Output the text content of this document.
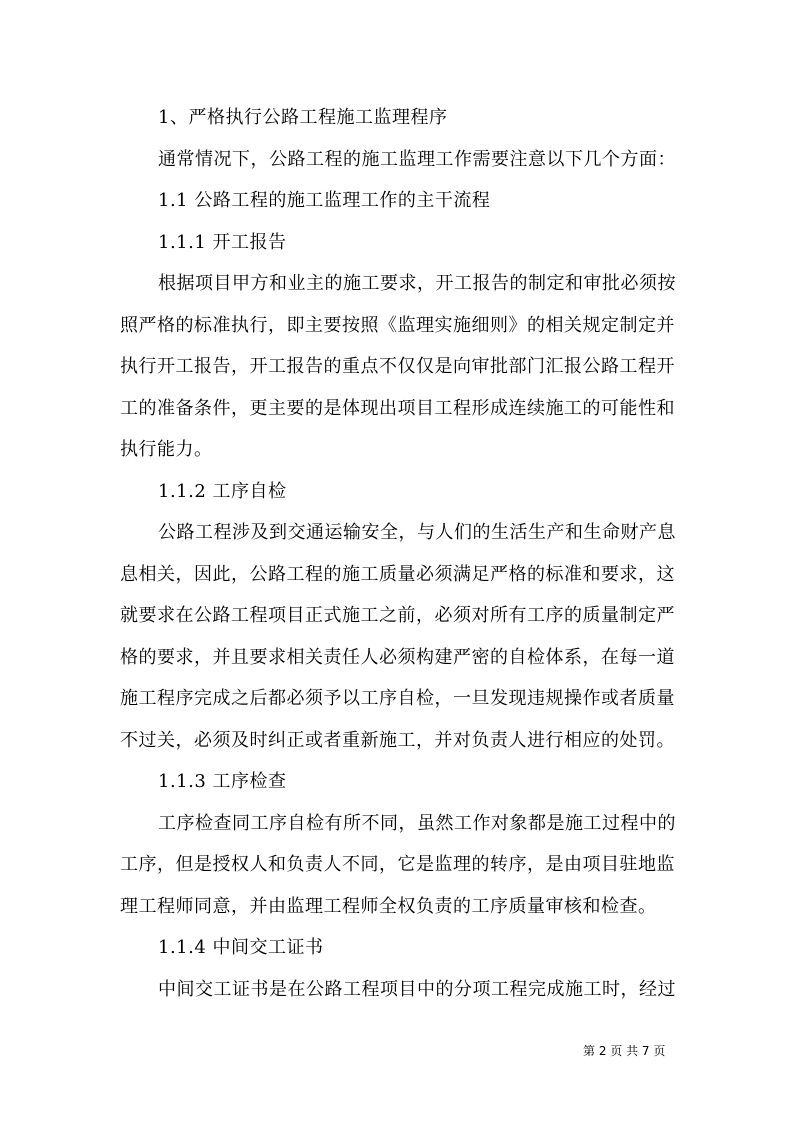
1、严格执行公路工程施工监理程序
通常情况下，公路工程的施工监理工作需要注意以下几个方面：
1.1 公路工程的施工监理工作的主干流程
1.1.1 开工报告
根据项目甲方和业主的施工要求，开工报告的制定和审批必须按
照严格的标准执行，即主要按照《监理实施细则》的相关规定制定并
执行开工报告，开工报告的重点不仅仅是向审批部门汇报公路工程开
工的准备条件，更主要的是体现出项目工程形成连续施工的可能性和
执行能力。
1.1.2 工序自检
公路工程涉及到交通运输安全，与人们的生活生产和生命财产息
息相关，因此，公路工程的施工质量必须满足严格的标准和要求，这
就要求在公路工程项目正式施工之前，必须对所有工序的质量制定严
格的要求，并且要求相关责任人必须构建严密的自检体系，在每一道
施工程序完成之后都必须予以工序自检，一旦发现违规操作或者质量
不过关，必须及时纠正或者重新施工，并对负责人进行相应的处罚。
1.1.3 工序检查
工序检查同工序自检有所不同，虽然工作对象都是施工过程中的
工序，但是授权人和负责人不同，它是监理的转序，是由项目驻地监
理工程师同意，并由监理工程师全权负责的工序质量审核和检查。
1.1.4 中间交工证书
中间交工证书是在公路工程项目中的分项工程完成施工时，经过
第 2 页 共 7 页
